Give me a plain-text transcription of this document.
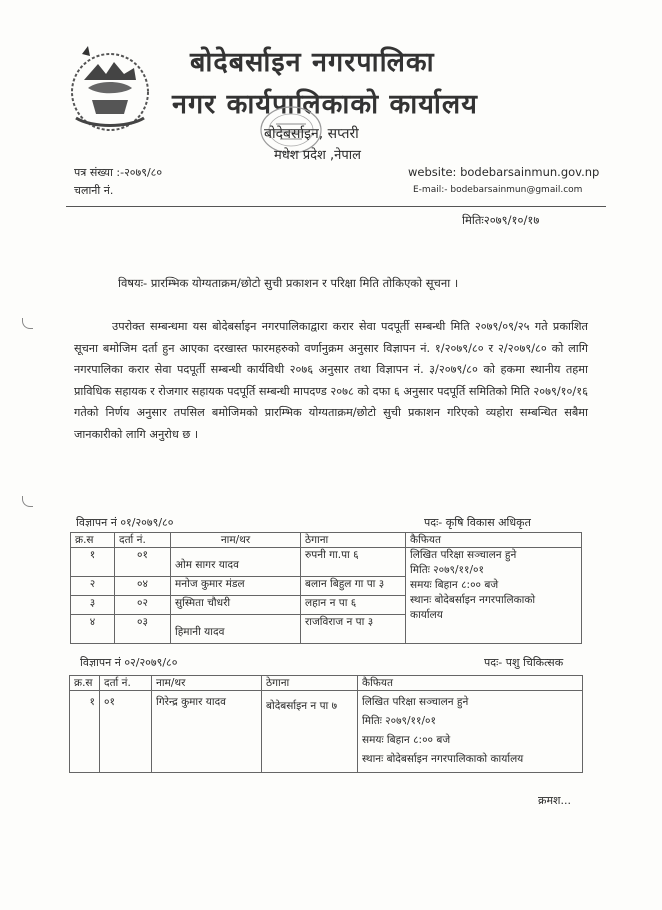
बोदेबर्साइन नगरपालिका
नगर कार्यपालिकाको कार्यालय
बोदेबर्साइन, सप्तरी
मधेश प्रदेश ,नेपाल
पत्र संख्या :-२०७९/८०
चलानी नं.
website: bodebarsainmun.gov.np
E-mail:- bodebarsainmun@gmail.com
मितिः२०७९/१०/१७
विषयः- प्रारम्भिक योग्यताक्रम/छोटो सुची प्रकाशन र परिक्षा मिति तोकिएको सूचना ।
उपरोक्त सम्बन्धमा यस बोदेबर्साइन नगरपालिकाद्वारा करार सेवा पदपूर्ती सम्बन्धी मिति २०७९/०९/२५ गते प्रकाशित सूचना बमोजिम दर्ता हुन आएका दरखास्त फारमहरुको वर्णानुक्रम अनुसार विज्ञापन नं. १/२०७९/८० र २/२०७९/८० को लागि नगरपालिका करार सेवा पदपूर्ती सम्बन्धी कार्यविधी २०७६ अनुसार तथा विज्ञापन नं. ३/२०७९/८० को हकमा स्थानीय तहमा प्राविधिक सहायक र रोजगार सहायक पदपूर्ति सम्बन्धी मापदण्ड २०७८ को दफा ६ अनुसार पदपूर्ति समितिको मिति २०७९/१०/१६ गतेको निर्णय अनुसार तपसिल बमोजिमको प्रारम्भिक योग्यताक्रम/छोटो सुची प्रकाशन गरिएको व्यहोरा सम्बन्धित सबैमा जानकारीको लागि अनुरोध छ ।
विज्ञापन नं ०१/२०७९/८०	पदः- कृषि विकास अधिकृत
क्र.स	दर्ता नं.	नाम/थर	ठेगाना	कैफियत
१	०१	ओम सागर यादव	रुपनी गा.पा ६	लिखित परिक्षा सञ्चालन हुने
मितिः २०७९/११/०१
समयः बिहान ८:०० बजे
स्थानः बोदेबर्साइन नगरपालिकाको
कार्यालय

२	०४	मनोज कुमार मंडल	बलान बिहुल गा पा ३	
३	०२	सुस्मिता चौधरी	लहान न पा ६	
४	०३	हिमानी यादव	राजविराज न पा ३	
विज्ञापन नं ०२/२०७९/८०	पदः- पशु चिकित्सक
क्र.स	दर्ता नं.	नाम/थर	ठेगाना	कैफियत
१	०१	गिरेन्द्र कुमार यादव	बोदेबर्साइन न पा ७	लिखित परिक्षा सञ्चालन हुने
मितिः २०७९/११/०१
समयः बिहान ८:०० बजे
स्थानः बोदेबर्साइन नगरपालिकाको कार्यालय
क्रमश...
